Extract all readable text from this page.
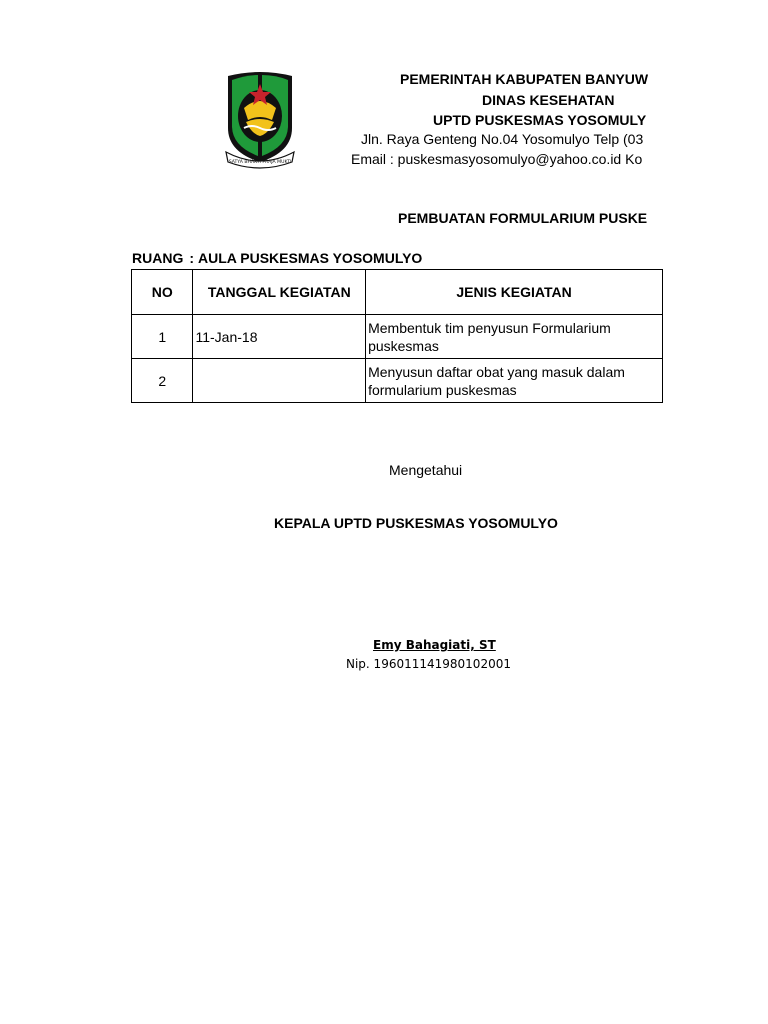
SATYA BHAKTI PRAJA MUKTI
PEMERINTAH KABUPATEN BANYUW
DINAS KESEHATAN
UPTD PUSKESMAS YOSOMULY
Jln. Raya Genteng No.04 Yosomulyo Telp (03
Email : puskesmasyosomulyo@yahoo.co.id Ko
PEMBUATAN FORMULARIUM PUSKE
RUANG : AULA PUSKESMAS YOSOMULYO
NO	TANGGAL KEGIATAN	JENIS KEGIATAN
1	11-Jan-18	Membentuk tim penyusun Formularium puskesmas
2		Menyusun daftar obat yang masuk dalam formularium puskesmas
Mengetahui
KEPALA UPTD PUSKESMAS YOSOMULYO
Emy Bahagiati, ST
Nip. 196011141980102001
